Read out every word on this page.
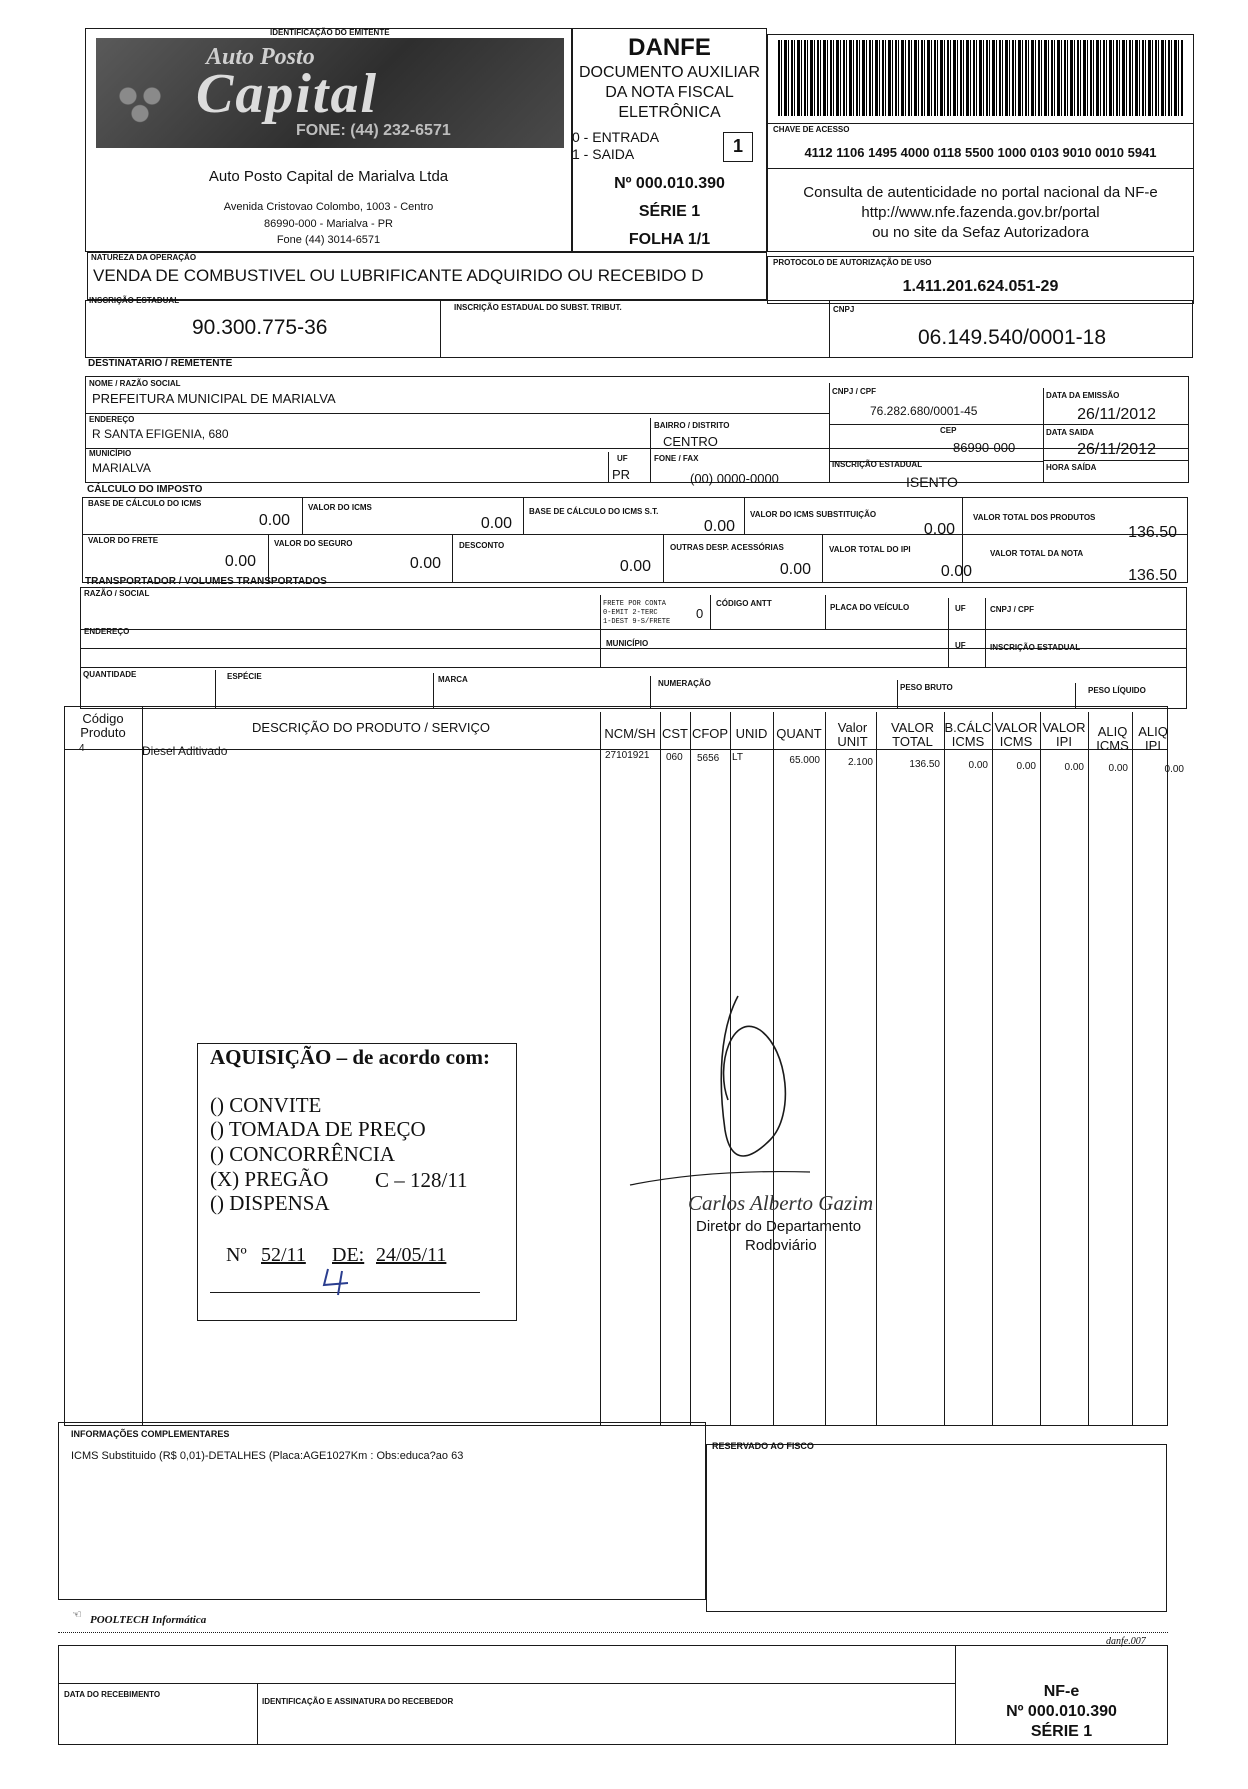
IDENTIFICAÇÃO DO EMITENTE
Auto Posto
Capital
FONE: (44) 232-6571
Auto Posto Capital de Marialva Ltda
Avenida Cristovao Colombo, 1003 - Centro
86990-000 - Marialva - PR
Fone (44) 3014-6571
DANFE
DOCUMENTO AUXILIAR
DA NOTA FISCAL
ELETRÔNICA
0 - ENTRADA
1 - SAIDA	1
Nº 000.010.390
SÉRIE 1
FOLHA 1/1
CHAVE DE ACESSO
4112 1106 1495 4000 0118 5500 1000 0103 9010 0010 5941
Consulta de autenticidade no portal nacional da NF-e
http://www.nfe.fazenda.gov.br/portal
ou no site da Sefaz Autorizadora
NATUREZA DA OPERAÇÃO
VENDA DE COMBUSTIVEL OU LUBRIFICANTE ADQUIRIDO OU RECEBIDO D
PROTOCOLO DE AUTORIZAÇÃO DE USO
1.411.201.624.051-29
INSCRIÇÃO ESTADUAL
90.300.775-36
INSCRIÇÃO ESTADUAL DO SUBST. TRIBUT.	CNPJ
06.149.540/0001-18
DESTINATÁRIO / REMETENTE
NOME / RAZÃO SOCIAL
PREFEITURA MUNICIPAL DE MARIALVA	CNPJ / CPF
76.282.680/0001-45
DATA DA EMISSÃO
26/11/2012
ENDEREÇO
R SANTA EFIGENIA, 680
BAIRRO / DISTRITO
CENTRO
CEP
86990-000
DATA SAIDA
26/11/2012
MUNICÍPIO
MARIALVA
UF
PR
FONE / FAX
(00) 0000-0000
INSCRIÇÃO ESTADUAL
ISENTO
HORA SAÍDA
CÁLCULO DO IMPOSTO
BASE DE CÁLCULO DO ICMS
0.00
VALOR DO ICMS
0.00
BASE DE CÁLCULO DO ICMS S.T.
0.00
VALOR DO ICMS SUBSTITUIÇÃO
0.00
VALOR TOTAL DOS PRODUTOS
136.50
VALOR DO FRETE
0.00
VALOR DO SEGURO
0.00
DESCONTO
0.00
OUTRAS DESP. ACESSÓRIAS
0.00
VALOR TOTAL DO IPI
0.00
VALOR TOTAL DA NOTA
136.50
TRANSPORTADOR / VOLUMES TRANSPORTADOS
RAZÃO / SOCIAL
FRETE POR CONTA
0-EMIT 2-TERC
1-DEST 9-S/FRETE
0
CÓDIGO ANTT	PLACA DO VEÍCULO	UF	CNPJ / CPF
ENDEREÇO
MUNICÍPIO	UF	INSCRIÇÃO ESTADUAL
QUANTIDADE	ESPÉCIE	MARCA	NUMERAÇÃO	PESO BRUTO	PESO LÍQUIDO
Código Produto	DESCRIÇÃO DO PRODUTO / SERVIÇO	NCM/SH CST CFOP UNID QUANT Valor UNIT
VALOR TOTAL
B.CÁLC ICMS
VALOR ICMS
VALOR IPI
ALIQ ICMS
ALIQ IPI
4	Diesel Aditivado	27101921 060 5656 LT	65.000	2.100	136.50	0.00	0.00	0.00	0.00	0.00
AQUISIÇÃO – de acordo com:
() CONVITE
() TOMADA DE PREÇO
() CONCORRÊNCIA
(X) PREGÃO C – 128/11
() DISPENSA
Nº 52/11 DE: 24/05/11
Carlos Alberto Gazim
Diretor do Departamento
Rodoviário
INFORMAÇÕES COMPLEMENTARES
ICMS Substituido (R$ 0,01)-DETALHES (Placa:AGE1027Km : Obs:educa?ao 63
RESERVADO AO FISCO
POOLTECH Informática
☜
danfe.007
DATA DO RECEBIMENTO
IDENTIFICAÇÃO E ASSINATURA DO RECEBEDOR
NF-e
Nº 000.010.390
SÉRIE 1
